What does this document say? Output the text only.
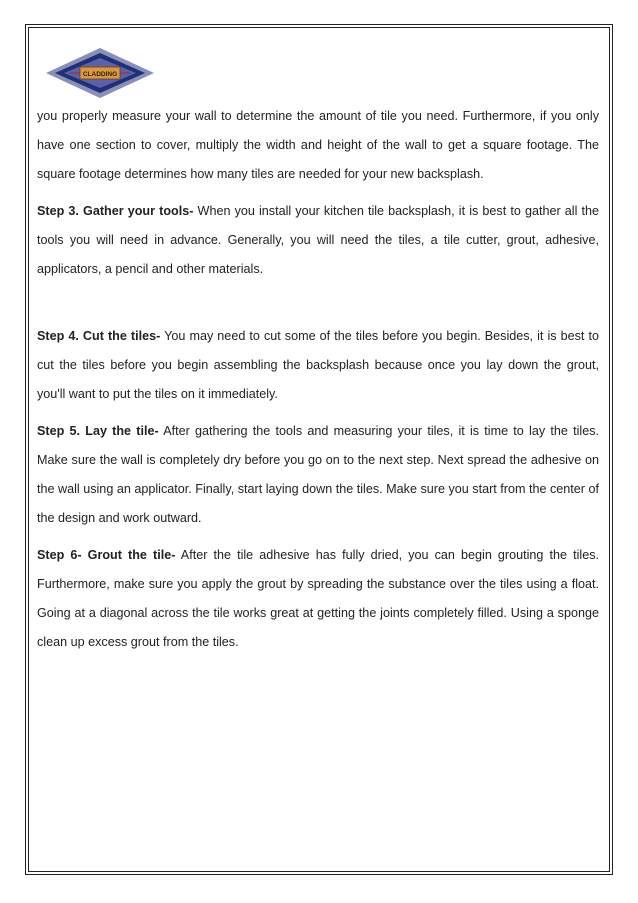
CLADDING

you properly measure your wall to determine the amount of tile you need. Furthermore, if you only have one section to cover, multiply the width and height of the wall to get a square footage. The square footage determines how many tiles are needed for your new backsplash.

Step 3. Gather your tools- When you install your kitchen tile backsplash, it is best to gather all the tools you will need in advance. Generally, you will need the tiles, a tile cutter, grout, adhesive, applicators, a pencil and other materials.

Step 4. Cut the tiles- You may need to cut some of the tiles before you begin. Besides, it is best to cut the tiles before you begin assembling the backsplash because once you lay down the grout, you'll want to put the tiles on it immediately.

Step 5. Lay the tile- After gathering the tools and measuring your tiles, it is time to lay the tiles. Make sure the wall is completely dry before you go on to the next step. Next spread the adhesive on the wall using an applicator. Finally, start laying down the tiles. Make sure you start from the center of the design and work outward.

Step 6- Grout the tile- After the tile adhesive has fully dried, you can begin grouting the tiles. Furthermore, make sure you apply the grout by spreading the substance over the tiles using a float. Going at a diagonal across the tile works great at getting the joints completely filled. Using a sponge clean up excess grout from the tiles.
